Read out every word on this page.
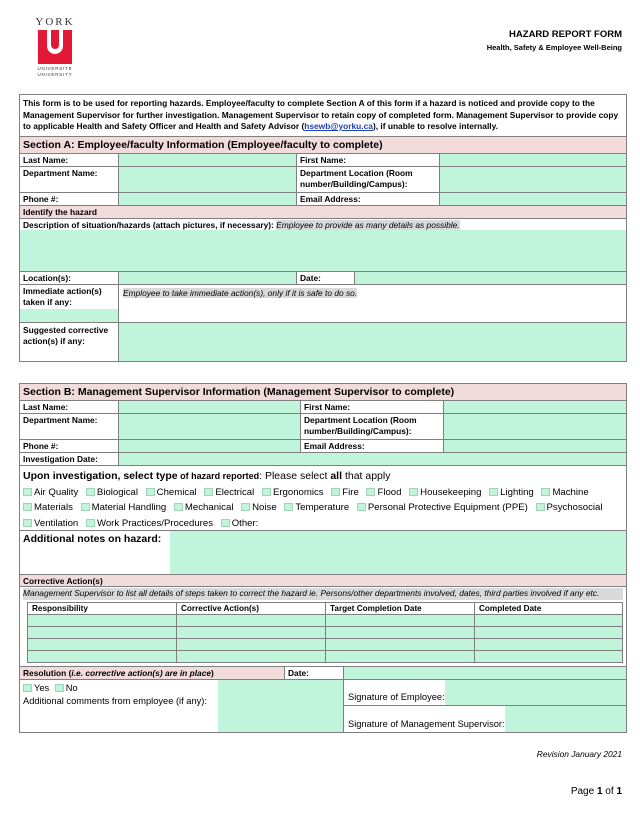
YORK
UNIVERSITÉ
UNIVERSITY
HAZARD REPORT FORM
Health, Safety & Employee Well-Being
This form is to be used for reporting hazards. Employee/faculty to complete Section A of this form if a hazard is noticed and provide copy to the Management Supervisor for further investigation. Management Supervisor to retain copy of completed form. Management Supervisor to provide copy to applicable Health and Safety Officer and Health and Safety Advisor (hsewb@yorku.ca), if unable to resolve internally.
Section A: Employee/faculty Information (Employee/faculty to complete)
Last Name:	First Name:
Department Name:	Department Location (Room number/Building/Campus):
Phone #:	Email Address:
Identify the hazard
Description of situation/hazards (attach pictures, if necessary): Employee to provide as many details as possible.
Location(s):	Date:
Immediate action(s) taken if any:
Employee to take immediate action(s), only if it is safe to do so.
Suggested corrective action(s) if any:
Section B: Management Supervisor Information (Management Supervisor to complete)
Last Name:	First Name:
Department Name:	Department Location (Room number/Building/Campus):
Phone #:	Email Address:
Investigation Date:
Upon investigation, select type of hazard reported: Please select all that apply
Air Quality Biological Chemical Electrical Ergonomics Fire Flood Housekeeping Lighting Machine Materials Material Handling Mechanical Noise Temperature Personal Protective Equipment (PPE) Psychosocial Ventilation Work Practices/Procedures Other:
Additional notes on hazard:
Corrective Action(s)
Management Supervisor to list all details of steps taken to correct the hazard ie. Persons/other departments involved, dates, third parties involved if any etc.
Responsibility	Corrective Action(s)	Target Completion Date	Completed Date

Resolution (i.e. corrective action(s) are in place)	Date:
Yes No
Additional comments from employee (if any):	Signature of Employee:
Signature of Management Supervisor:
Revision January 2021
Page 1 of 1
